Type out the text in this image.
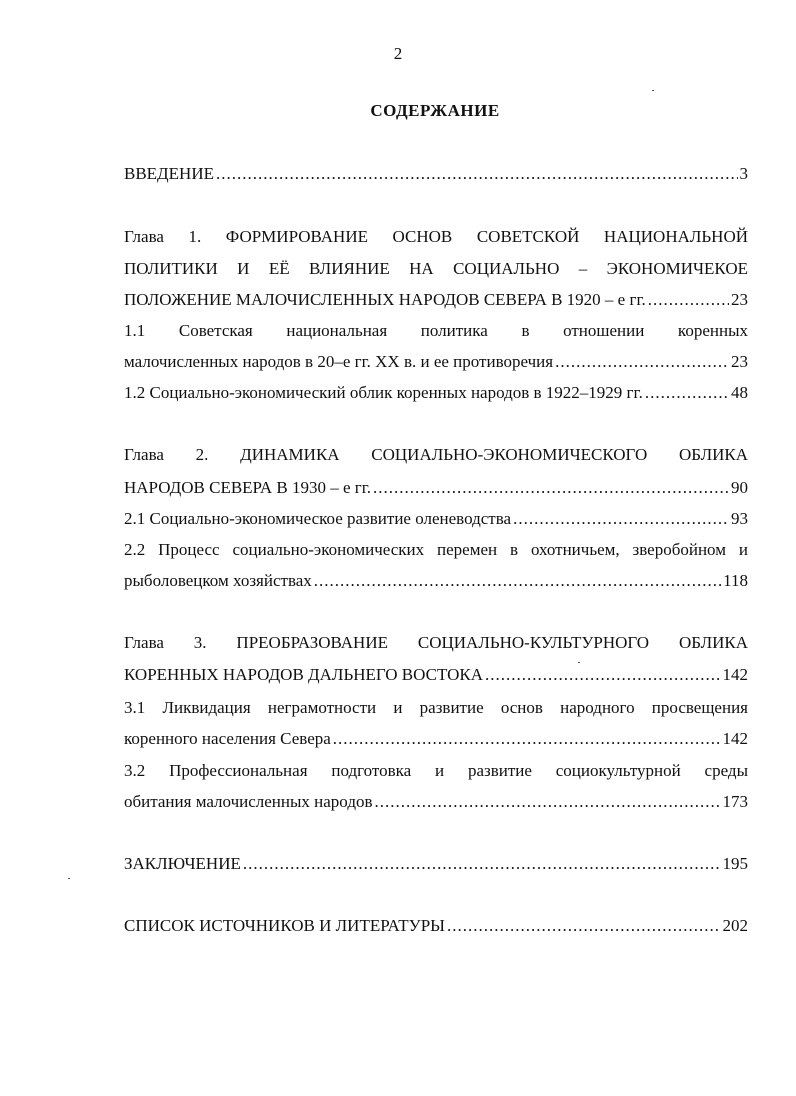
2
СОДЕРЖАНИЕ
ВВЕДЕНИЕ .....	3
Глава 1. ФОРМИРОВАНИЕ ОСНОВ СОВЕТСКОЙ НАЦИОНАЛЬНОЙ
ПОЛИТИКИ И ЕЁ ВЛИЯНИЕ НА СОЦИАЛЬНО – ЭКОНОМИЧЕКОЕ
ПОЛОЖЕНИЕ МАЛОЧИСЛЕННЫХ НАРОДОВ СЕВЕРА В 1920 – е гг. .....	23
1.1 Советская национальная политика в отношении коренных
малочисленных народов в 20–е гг. XX в. и ее противоречия .....	23
1.2 Социально-экономический облик коренных народов в 1922–1929 гг. .....	48
Глава 2. ДИНАМИКА СОЦИАЛЬНО-ЭКОНОМИЧЕСКОГО ОБЛИКА
НАРОДОВ СЕВЕРА В 1930 – е гг. .....	90
2.1 Социально-экономическое развитие оленеводства .....	93
2.2 Процесс социально-экономических перемен в охотничьем, зверобойном и
рыболовецком хозяйствах .....	118
Глава 3. ПРЕОБРАЗОВАНИЕ СОЦИАЛЬНО-КУЛЬТУРНОГО ОБЛИКА
КОРЕННЫХ НАРОДОВ ДАЛЬНЕГО ВОСТОКА .....	142
3.1 Ликвидация неграмотности и развитие основ народного просвещения
коренного населения Севера .....	142
3.2 Профессиональная подготовка и развитие социокультурной среды
обитания малочисленных народов .....	173
ЗАКЛЮЧЕНИЕ .....	195
СПИСОК ИСТОЧНИКОВ И ЛИТЕРАТУРЫ .....	202
